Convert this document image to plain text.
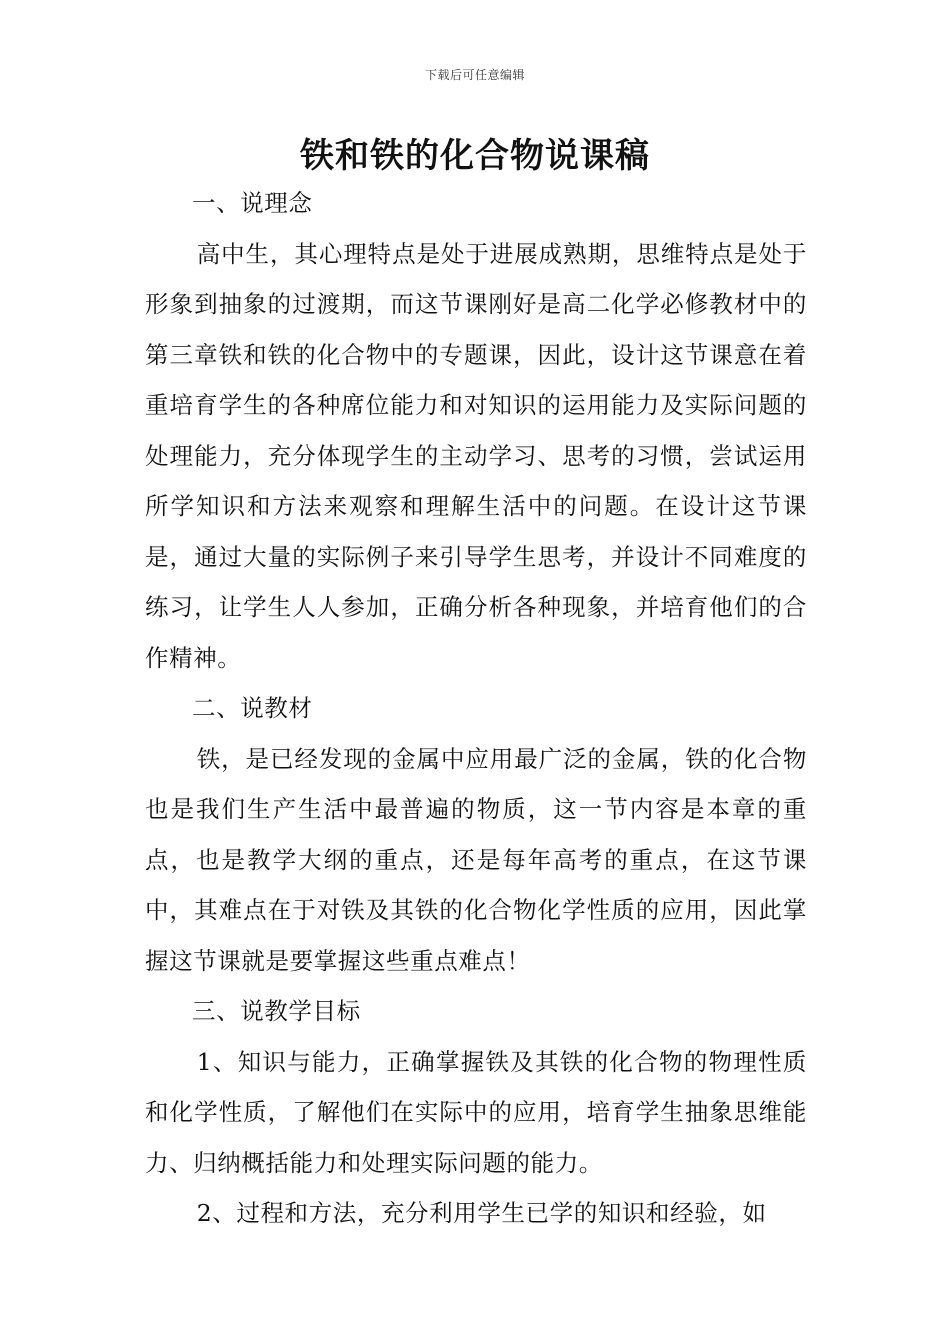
下载后可任意编辑
铁和铁的化合物说课稿

一、说理念

高中生，其心理特点是处于进展成熟期，思维特点是处于形象到抽象的过渡期，而这节课刚好是高二化学必修教材中的第三章铁和铁的化合物中的专题课，因此，设计这节课意在着重培育学生的各种席位能力和对知识的运用能力及实际问题的处理能力，充分体现学生的主动学习、思考的习惯，尝试运用所学知识和方法来观察和理解生活中的问题。在设计这节课是，通过大量的实际例子来引导学生思考，并设计不同难度的练习，让学生人人参加，正确分析各种现象，并培育他们的合作精神。

二、说教材

铁，是已经发现的金属中应用最广泛的金属，铁的化合物也是我们生产生活中最普遍的物质，这一节内容是本章的重点，也是教学大纲的重点，还是每年高考的重点，在这节课中，其难点在于对铁及其铁的化合物化学性质的应用，因此掌握这节课就是要掌握这些重点难点！

三、说教学目标

1、知识与能力，正确掌握铁及其铁的化合物的物理性质和化学性质，了解他们在实际中的应用，培育学生抽象思维能力、归纳概括能力和处理实际问题的能力。

2、过程和方法，充分利用学生已学的知识和经验，如
